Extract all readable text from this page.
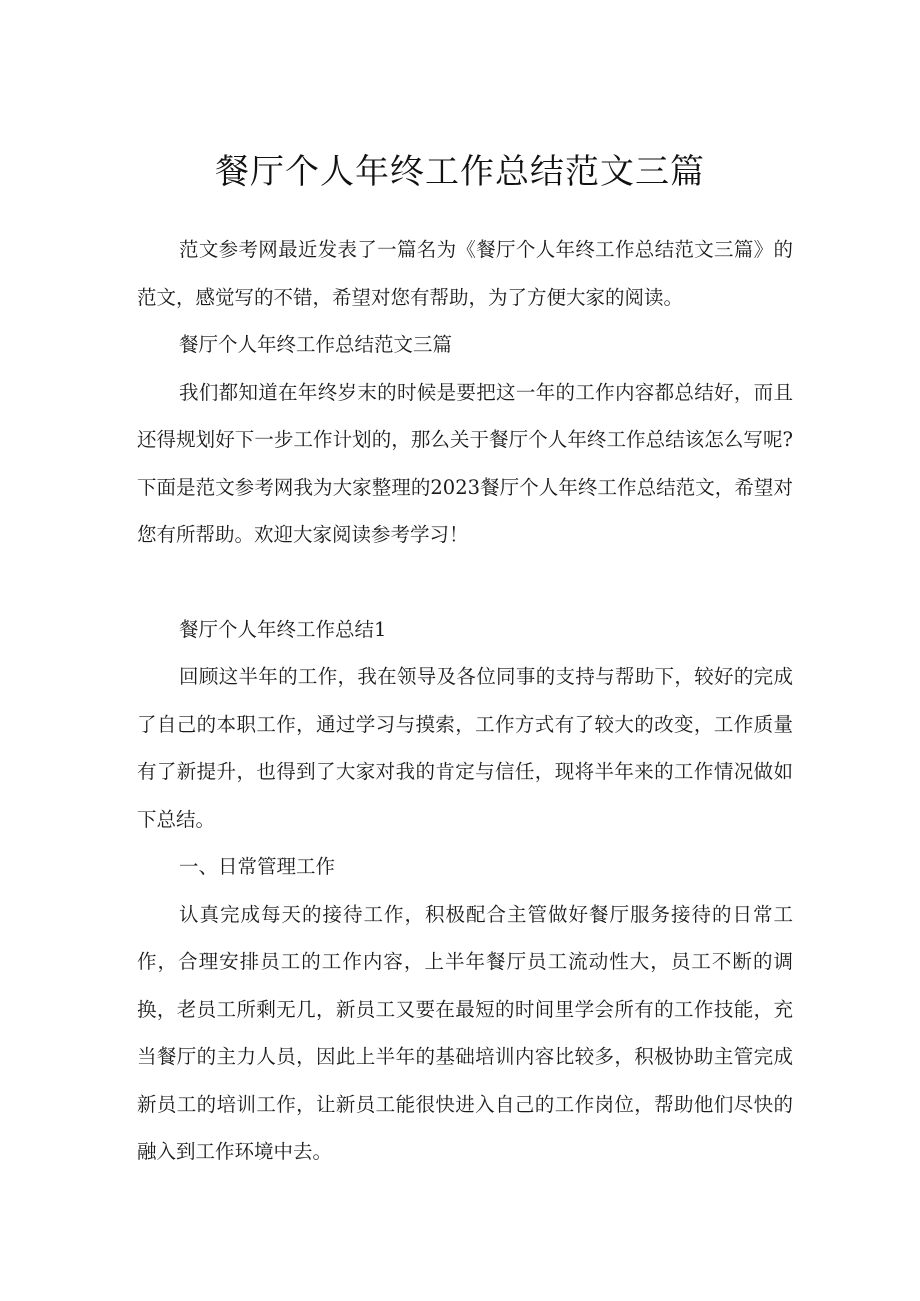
餐厅个人年终工作总结范文三篇

范文参考网最近发表了一篇名为《餐厅个人年终工作总结范文三篇》的范文，感觉写的不错，希望对您有帮助，为了方便大家的阅读。

餐厅个人年终工作总结范文三篇

我们都知道在年终岁末的时候是要把这一年的工作内容都总结好，而且还得规划好下一步工作计划的，那么关于餐厅个人年终工作总结该怎么写呢?下面是范文参考网我为大家整理的2023餐厅个人年终工作总结范文，希望对您有所帮助。欢迎大家阅读参考学习！

餐厅个人年终工作总结1

回顾这半年的工作，我在领导及各位同事的支持与帮助下，较好的完成了自己的本职工作，通过学习与摸索，工作方式有了较大的改变，工作质量有了新提升，也得到了大家对我的肯定与信任，现将半年来的工作情况做如下总结。

一、日常管理工作

认真完成每天的接待工作，积极配合主管做好餐厅服务接待的日常工作，合理安排员工的工作内容，上半年餐厅员工流动性大，员工不断的调换，老员工所剩无几，新员工又要在最短的时间里学会所有的工作技能，充当餐厅的主力人员，因此上半年的基础培训内容比较多，积极协助主管完成新员工的培训工作，让新员工能很快进入自己的工作岗位，帮助他们尽快的融入到工作环境中去。
